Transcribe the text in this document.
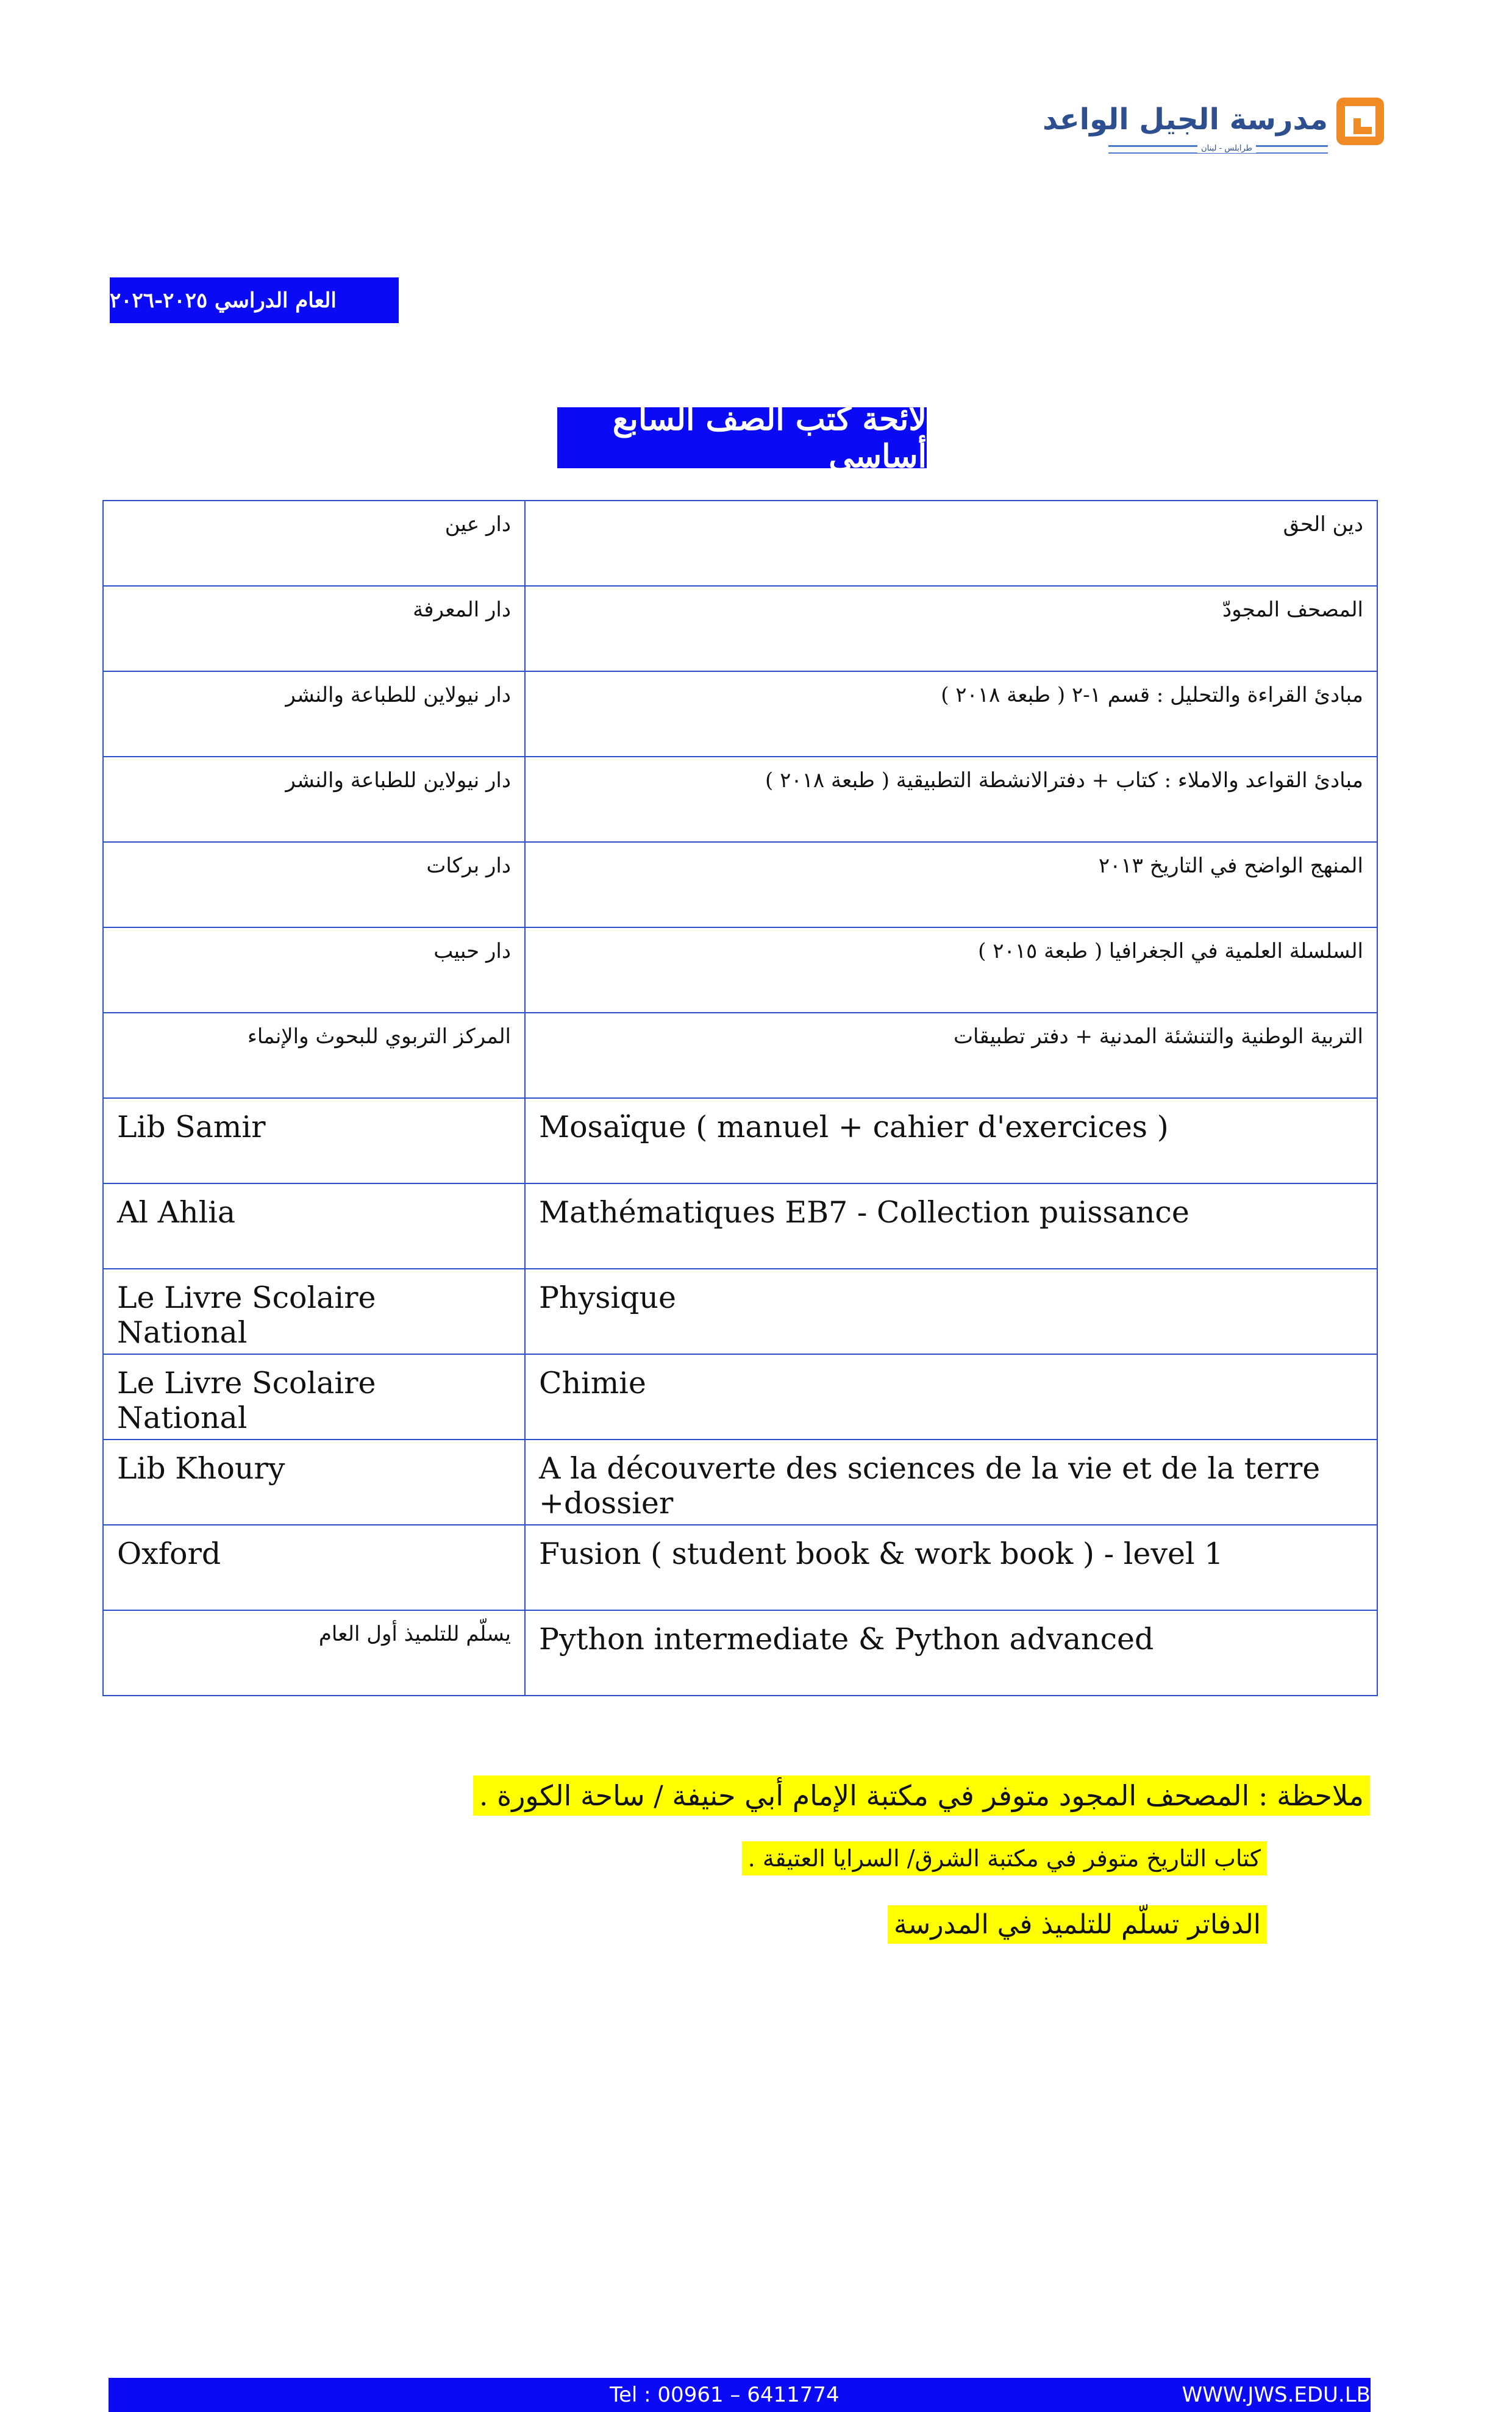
مدرسة الجيل الواعد
طرابلس - لبنان
العام الدراسي ٢٠٢٥-٢٠٢٦
لائحة كتب الصف السابع أساسي
دار عين	دين الحق
دار المعرفة	المصحف المجودّ
دار نيولاين للطباعة والنشر	مبادئ القراءة والتحليل : قسم ١-٢ ( طبعة ٢٠١٨ )
دار نيولاين للطباعة والنشر	مبادئ القواعد والاملاء : كتاب + دفترالانشطة التطبيقية ( طبعة ٢٠١٨ )
دار بركات	المنهج الواضح في التاريخ ٢٠١٣
دار حبيب	السلسلة العلمية في الجغرافيا ( طبعة ٢٠١٥ )
المركز التربوي للبحوث والإنماء	التربية الوطنية والتنشئة المدنية + دفتر تطبيقات
Lib Samir	Mosaïque ( manuel + cahier d'exercices )
Al Ahlia	Mathématiques EB7 - Collection puissance
Le Livre Scolaire National	Physique
Le Livre Scolaire National	Chimie
Lib Khoury	A la découverte des sciences de la vie et de la terre +dossier
Oxford	Fusion ( student book & work book ) - level 1
يسلّم للتلميذ أول العام	Python intermediate & Python advanced
ملاحظة : المصحف المجود متوفر في مكتبة الإمام أبي حنيفة / ساحة الكورة .
كتاب التاريخ متوفر في مكتبة الشرق/ السرايا العتيقة .
الدفاتر تسلّم للتلميذ في المدرسة
Tel : 00961 – 6411774	WWW.JWS.EDU.LB
